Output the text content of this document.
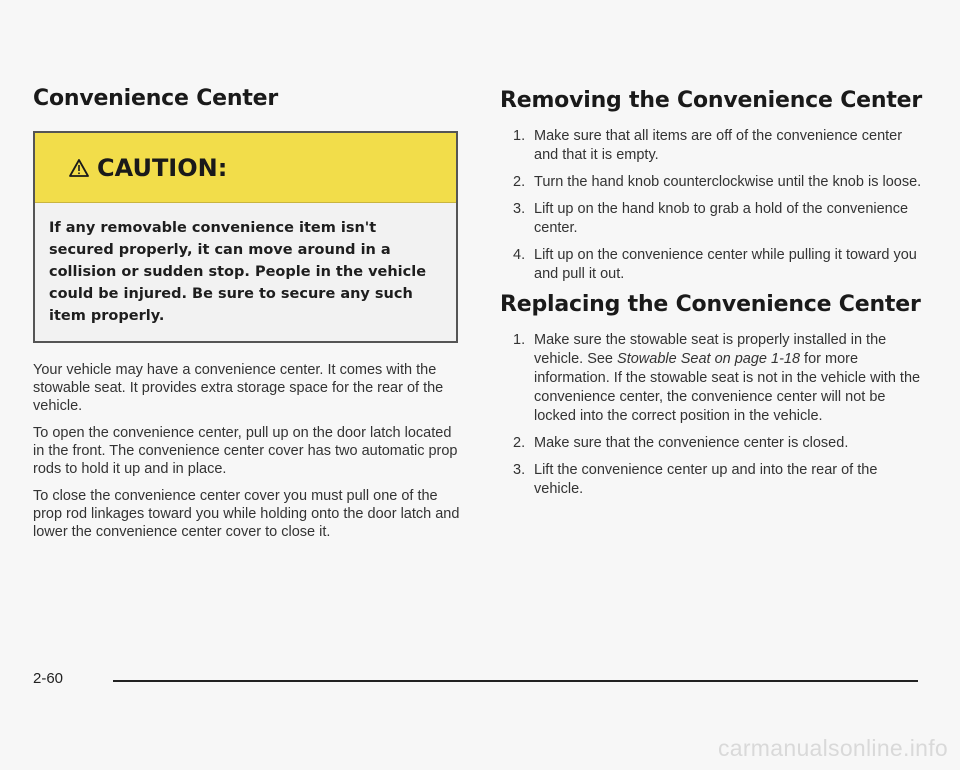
Convenience Center
CAUTION:
If any removable convenience item isn't secured properly, it can move around in a collision or sudden stop. People in the vehicle could be injured. Be sure to secure any such item properly.

Your vehicle may have a convenience center. It comes with the stowable seat. It provides extra storage space for the rear of the vehicle.

To open the convenience center, pull up on the door latch located in the front. The convenience center cover has two automatic prop rods to hold it up and in place.

To close the convenience center cover you must pull one of the prop rod linkages toward you while holding onto the door latch and lower the convenience center cover to close it.

Removing the Convenience Center
1. Make sure that all items are off of the convenience center and that it is empty.
2. Turn the hand knob counterclockwise until the knob is loose.
3. Lift up on the hand knob to grab a hold of the convenience center.
4. Lift up on the convenience center while pulling it toward you and pull it out.
Replacing the Convenience Center
1. Make sure the stowable seat is properly installed in the vehicle. See Stowable Seat on page 1-18 for more information. If the stowable seat is not in the vehicle with the convenience center, the convenience center will not be locked into the correct position in the vehicle.
2. Make sure that the convenience center is closed.
3. Lift the convenience center up and into the rear of the vehicle.
2-60
carmanualsonline.info
